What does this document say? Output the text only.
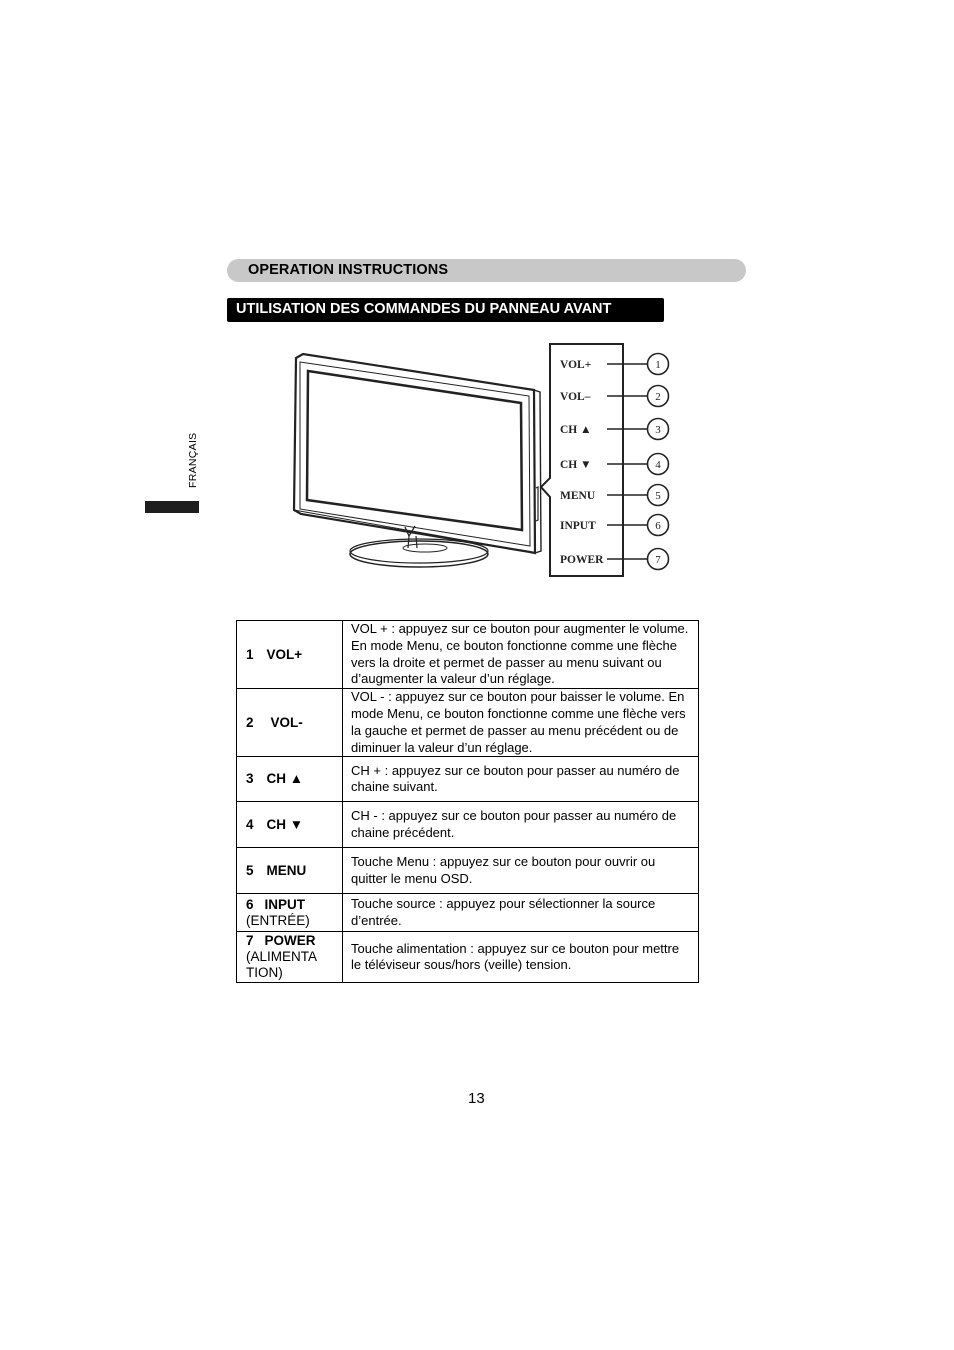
OPERATION INSTRUCTIONS
UTILISATION DES COMMANDES DU PANNEAU AVANT
FRANÇAIS
VOL+	1
VOL–	2
CH ▲	3
CH ▼	4
MENU	5
INPUT	6
POWER	7
1 VOL+	VOL + : appuyez sur ce bouton pour augmenter le volume. En mode Menu, ce bouton fonctionne comme une flèche vers la droite et permet de passer au menu suivant ou d’augmenter la valeur d’un réglage.
2 VOL-	VOL - : appuyez sur ce bouton pour baisser le volume. En mode Menu, ce bouton fonctionne comme une flèche vers la gauche et permet de passer au menu précédent ou de diminuer la valeur d’un réglage.
3 CH ▲	CH + : appuyez sur ce bouton pour passer au numéro de chaine suivant.
4 CH ▼	CH - : appuyez sur ce bouton pour passer au numéro de chaine précédent.
5 MENU	Touche Menu : appuyez sur ce bouton pour ouvrir ou quitter le menu OSD.
6 INPUT
(ENTRÉE)	Touche source : appuyez pour sélectionner la source d’entrée.
7 POWER
(ALIMENTA TION)	Touche alimentation : appuyez sur ce bouton pour mettre le téléviseur sous/hors (veille) tension.
13
